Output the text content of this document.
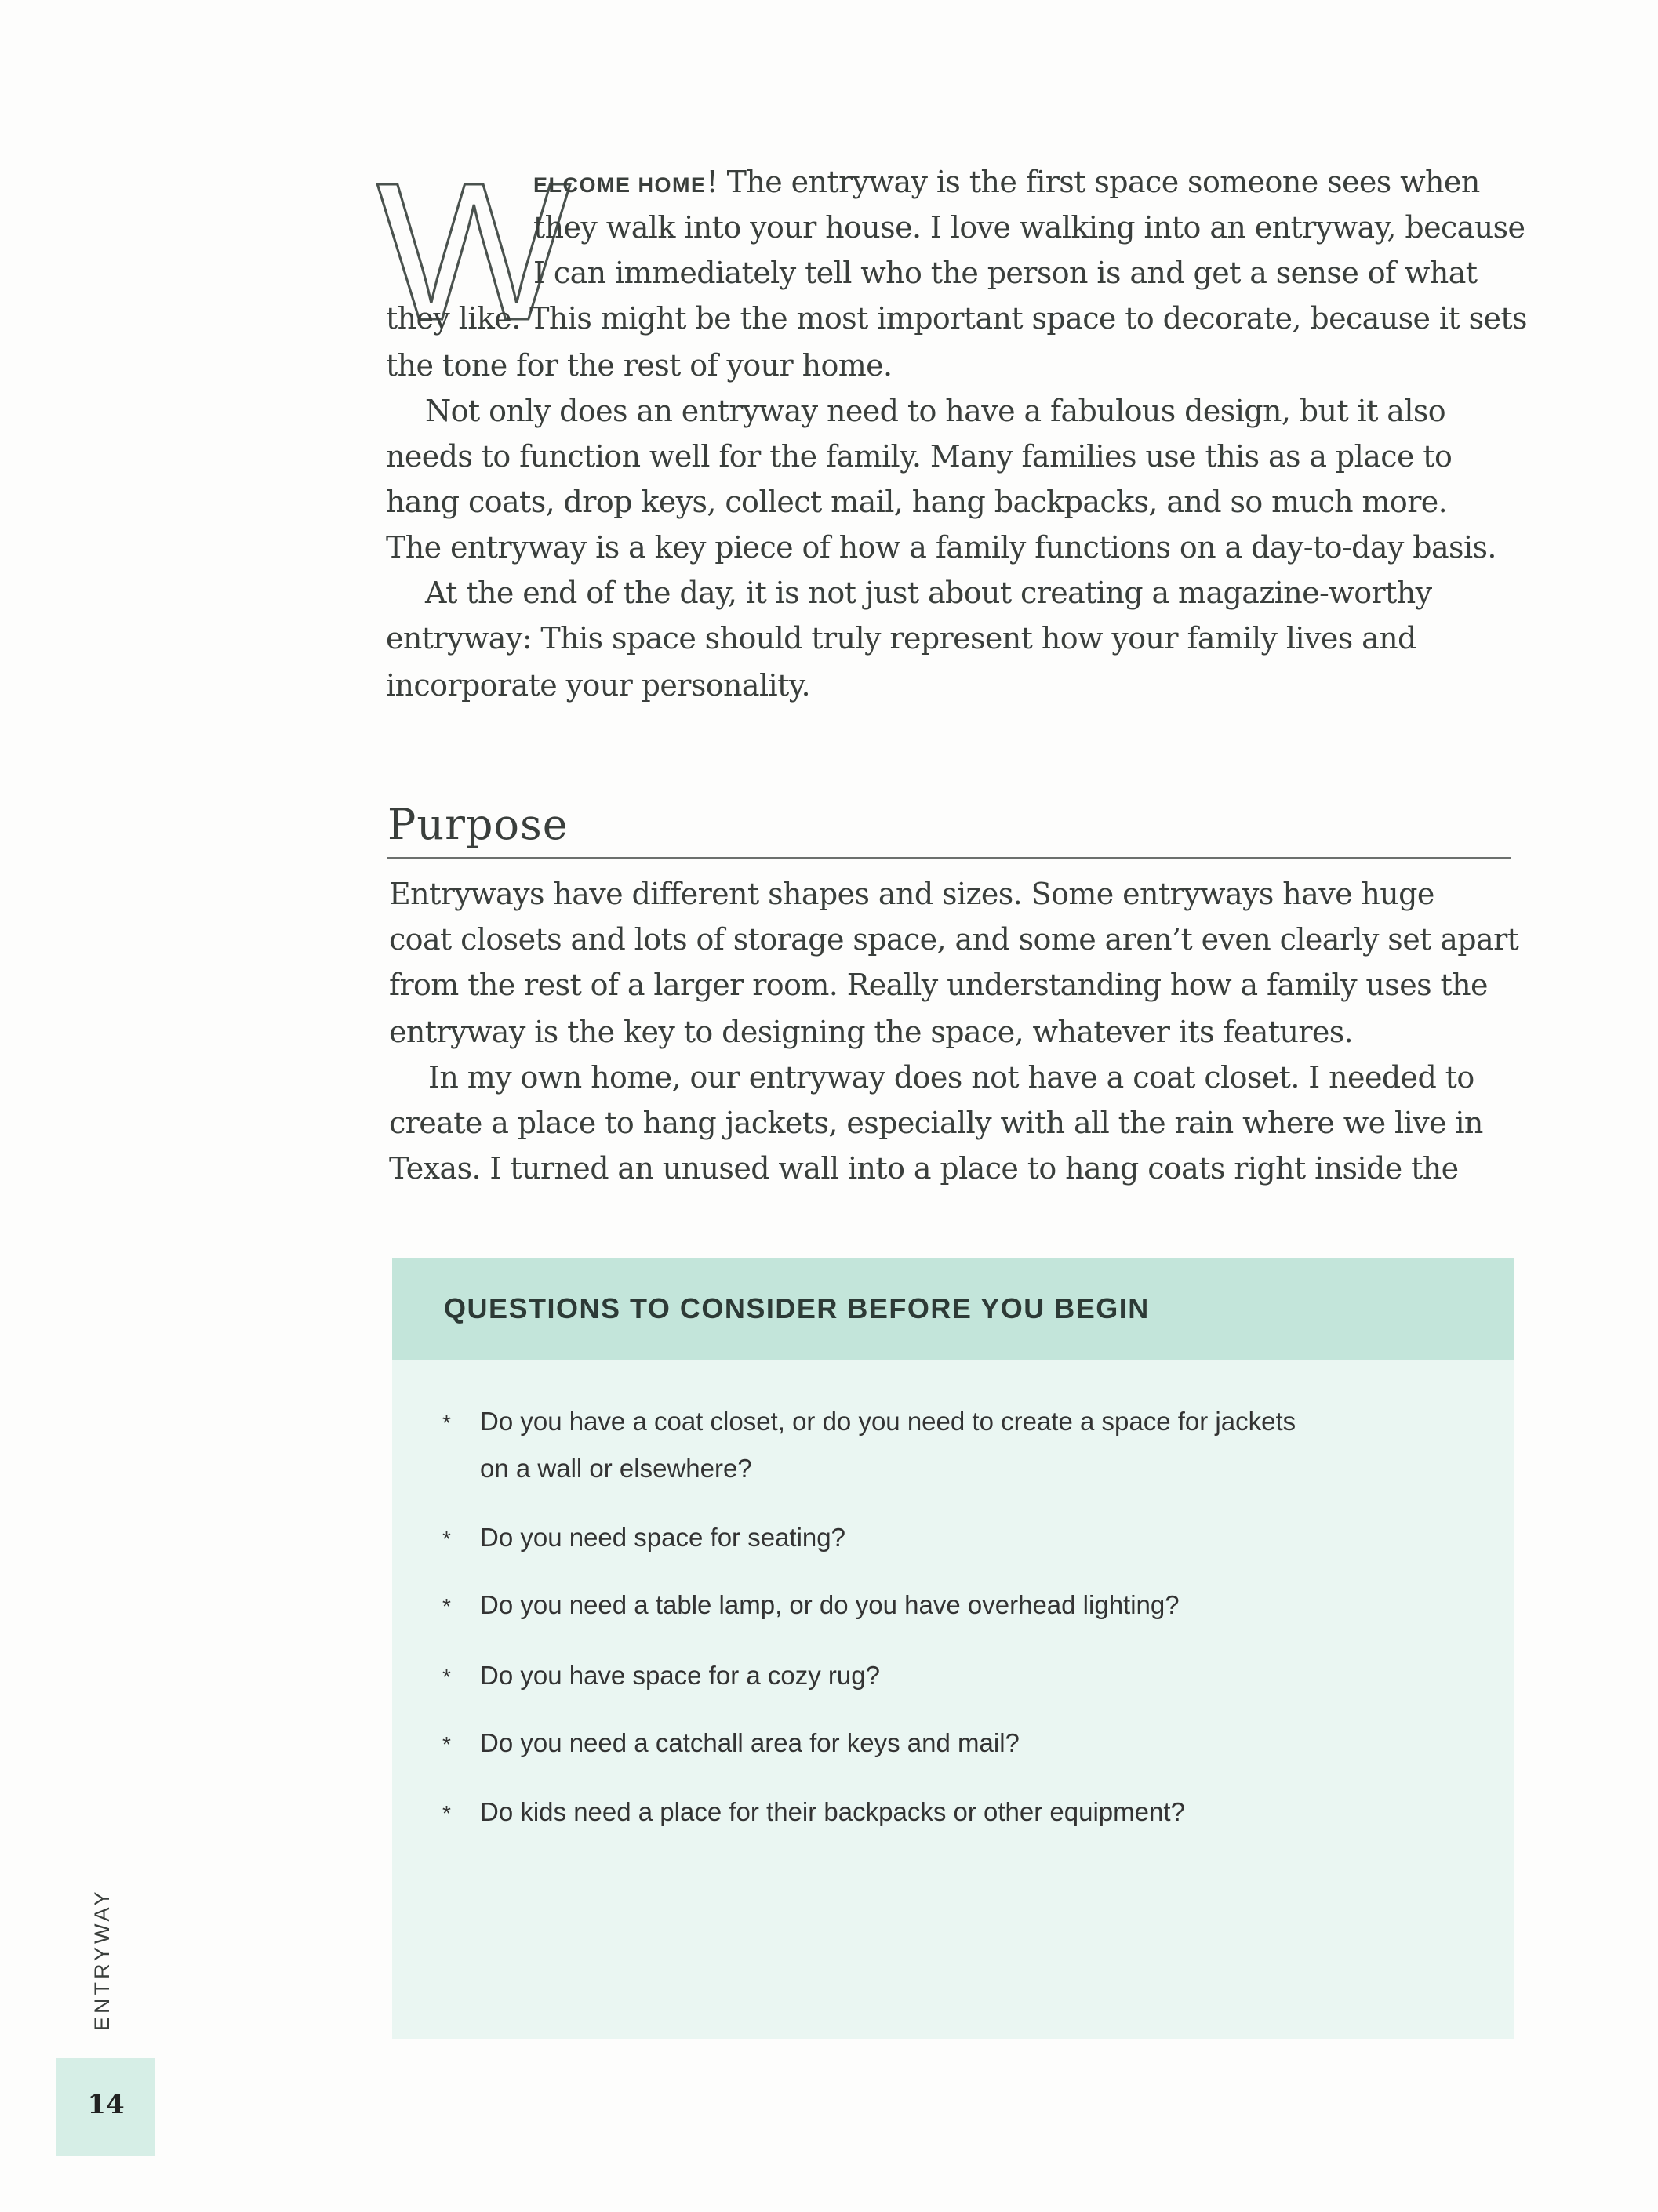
W
ELCOME HOME! The entryway is the first space someone sees when
they walk into your house. I love walking into an entryway, because
I can immediately tell who the person is and get a sense of what
they like. This might be the most important space to decorate, because it sets
the tone for the rest of your home.
Not only does an entryway need to have a fabulous design, but it also
needs to function well for the family. Many families use this as a place to
hang coats, drop keys, collect mail, hang backpacks, and so much more.
The entryway is a key piece of how a family functions on a day-to-day basis.
At the end of the day, it is not just about creating a magazine-worthy
entryway: This space should truly represent how your family lives and
incorporate your personality.
Purpose
Entryways have different shapes and sizes. Some entryways have huge
coat closets and lots of storage space, and some aren’t even clearly set apart
from the rest of a larger room. Really understanding how a family uses the
entryway is the key to designing the space, whatever its features.
In my own home, our entryway does not have a coat closet. I needed to
create a place to hang jackets, especially with all the rain where we live in
Texas. I turned an unused wall into a place to hang coats right inside the
QUESTIONS TO CONSIDER BEFORE YOU BEGIN
* Do you have a coat closet, or do you need to create a space for jackets
on a wall or elsewhere?
* Do you need space for seating?
* Do you need a table lamp, or do you have overhead lighting?
* Do you have space for a cozy rug?
* Do you need a catchall area for keys and mail?
* Do kids need a place for their backpacks or other equipment?
ENTRYWAY
14
